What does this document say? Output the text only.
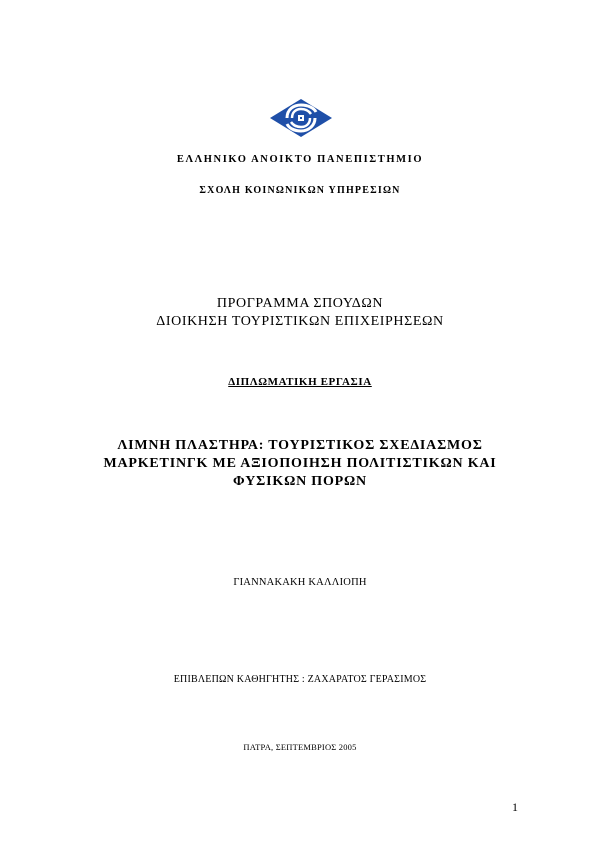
ΕΛΛΗΝΙΚΟ ΑΝΟΙΚΤΟ ΠΑΝΕΠΙΣΤΗΜΙΟ
ΣΧΟΛΗ ΚΟΙΝΩΝΙΚΩΝ ΥΠΗΡΕΣΙΩΝ
ΠΡΟΓΡΑΜΜΑ ΣΠΟΥΔΩΝ
ΔΙΟΙΚΗΣΗ ΤΟΥΡΙΣΤΙΚΩΝ ΕΠΙΧΕΙΡΗΣΕΩΝ
ΔΙΠΛΩΜΑΤΙΚΗ ΕΡΓΑΣΙΑ
ΛΙΜΝΗ ΠΛΑΣΤΗΡΑ: ΤΟΥΡΙΣΤΙΚΟΣ ΣΧΕΔΙΑΣΜΟΣ
ΜΑΡΚΕΤΙΝΓΚ ΜΕ ΑΞΙΟΠΟΙΗΣΗ ΠΟΛΙΤΙΣΤΙΚΩΝ ΚΑΙ
ΦΥΣΙΚΩΝ ΠΟΡΩΝ
ΓΙΑΝΝΑΚΑΚΗ ΚΑΛΛΙΟΠΗ
ΕΠΙΒΛΕΠΩΝ ΚΑΘΗΓΗΤΗΣ : ΖΑΧΑΡΑΤΟΣ ΓΕΡΑΣΙΜΟΣ
ΠΑΤΡΑ, ΣΕΠΤΕΜΒΡΙΟΣ 2005
1
